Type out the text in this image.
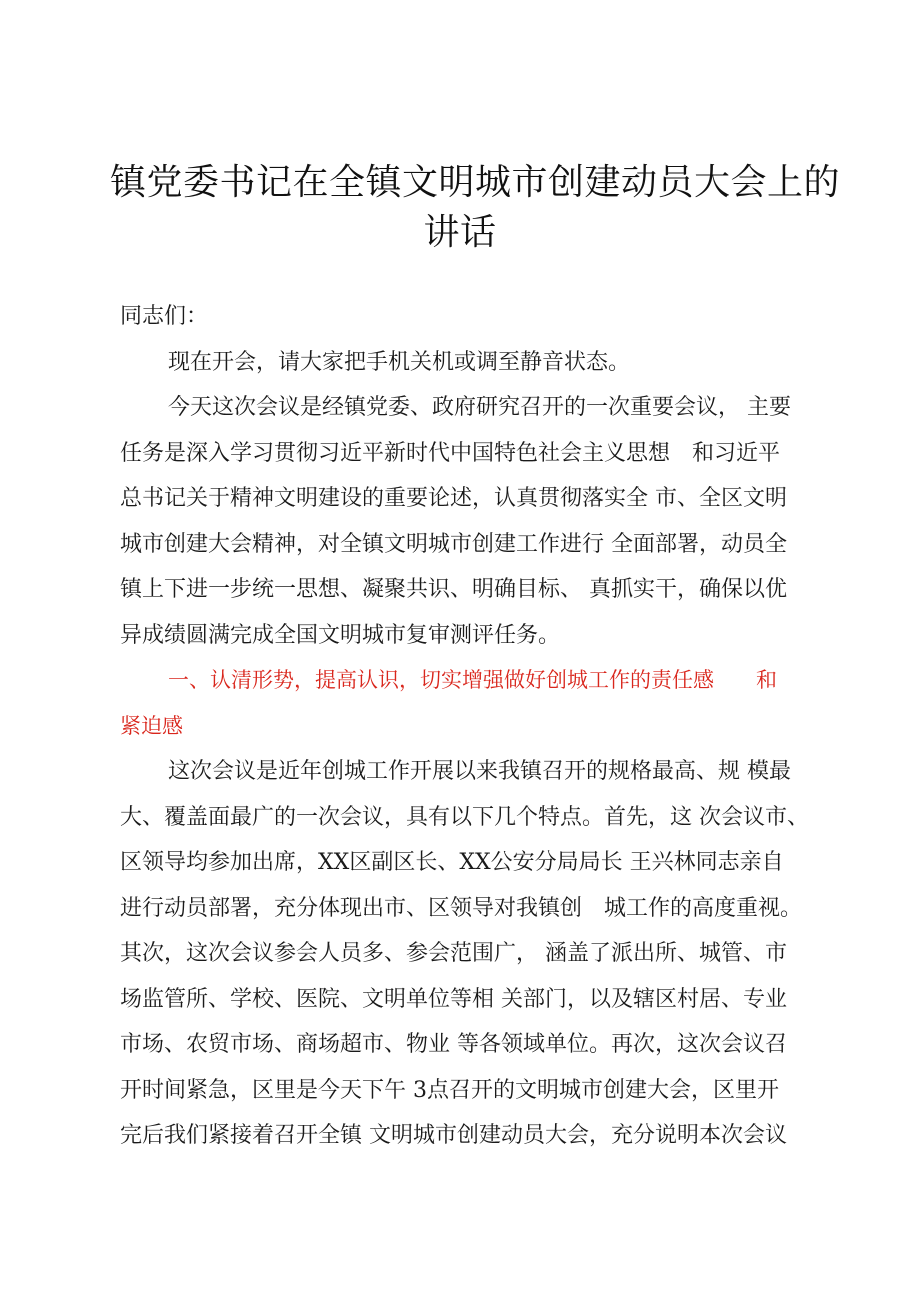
镇党委书记在全镇文明城市创建动员大会上的
讲话

同志们：

现在开会，请大家把手机关机或调至静音状态。

今天这次会议是经镇党委、政府研究召开的一次重要会议， 主要
任务是深入学习贯彻习近平新时代中国特色社会主义思想　和习近平
总书记关于精神文明建设的重要论述，认真贯彻落实全 市、全区文明
城市创建大会精神，对全镇文明城市创建工作进行 全面部署，动员全
镇上下进一步统一思想、凝聚共识、明确目标、 真抓实干，确保以优
异成绩圆满完成全国文明城市复审测评任务。

一、认清形势，提高认识，切实增强做好创城工作的责任感　　和
紧迫感

这次会议是近年创城工作开展以来我镇召开的规格最高、规 模最
大、覆盖面最广的一次会议，具有以下几个特点。首先，这 次会议市、
区领导均参加出席，XX区副区长、XX公安分局局长 王兴林同志亲自
进行动员部署，充分体现出市、区领导对我镇创　城工作的高度重视。
其次，这次会议参会人员多、参会范围广， 涵盖了派出所、城管、市
场监管所、学校、医院、文明单位等相 关部门，以及辖区村居、专业
市场、农贸市场、商场超市、物业 等各领域单位。再次，这次会议召
开时间紧急，区里是今天下午 3点召开的文明城市创建大会，区里开
完后我们紧接着召开全镇 文明城市创建动员大会，充分说明本次会议
